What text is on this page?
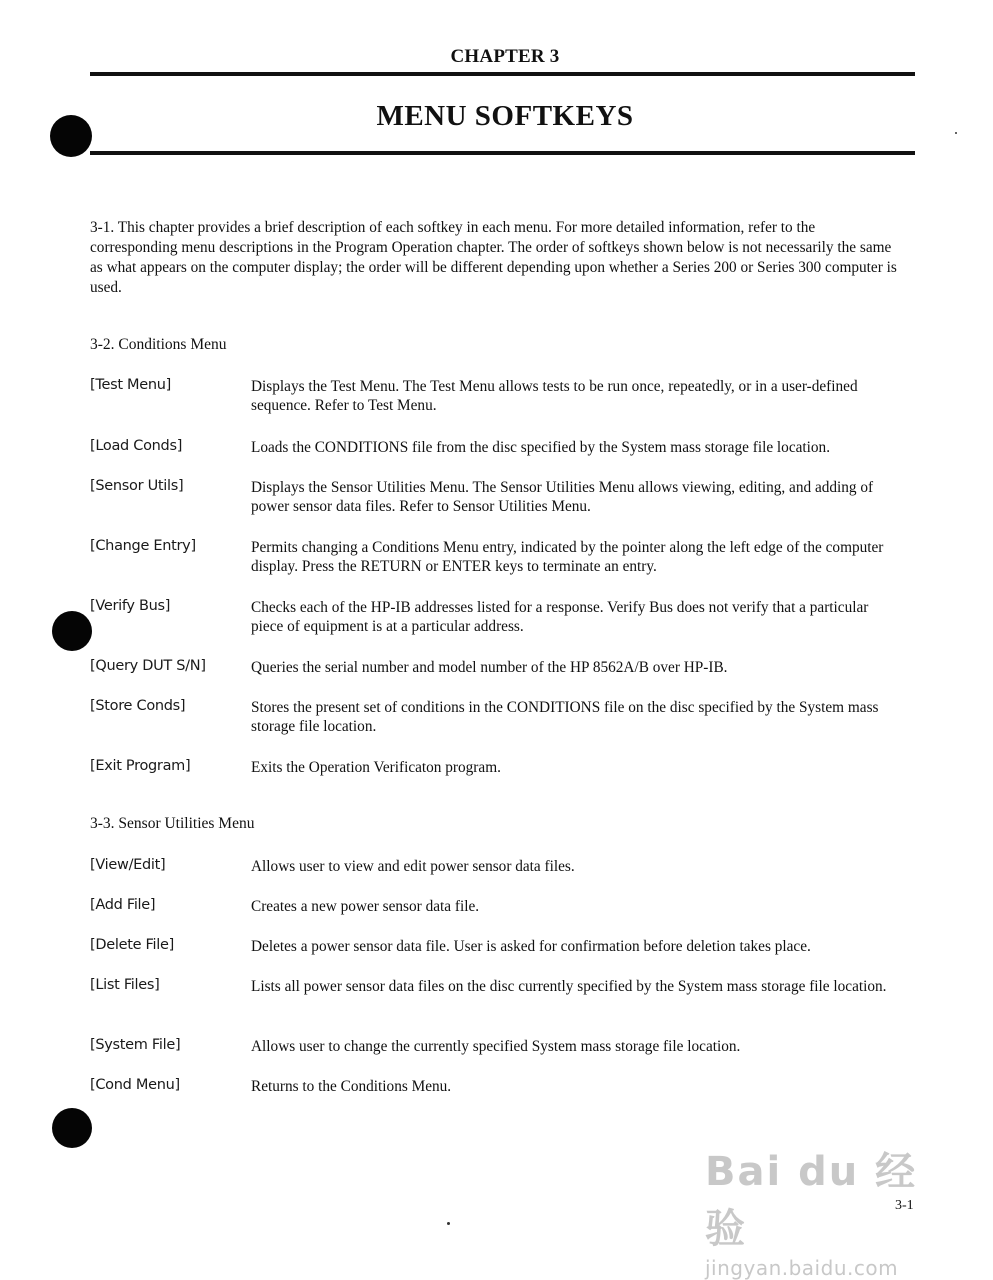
CHAPTER 3
MENU SOFTKEYS
3-1. This chapter provides a brief description of each softkey in each menu. For more detailed information, refer to the corresponding menu descriptions in the Program Operation chapter. The order of softkeys shown below is not necessarily the same as what appears on the computer display; the order will be different depending upon whether a Series 200 or Series 300 computer is used.
3-2. Conditions Menu
[Test Menu]	Displays the Test Menu. The Test Menu allows tests to be run once, repeatedly, or in a user-defined sequence. Refer to Test Menu.
[Load Conds]	Loads the CONDITIONS file from the disc specified by the System mass storage file location.
[Sensor Utils]	Displays the Sensor Utilities Menu. The Sensor Utilities Menu allows viewing, editing, and adding of power sensor data files. Refer to Sensor Utilities Menu.
[Change Entry]	Permits changing a Conditions Menu entry, indicated by the pointer along the left edge of the computer display. Press the RETURN or ENTER keys to terminate an entry.
[Verify Bus]	Checks each of the HP-IB addresses listed for a response. Verify Bus does not verify that a particular piece of equipment is at a particular address.
[Query DUT S/N]	Queries the serial number and model number of the HP 8562A/B over HP-IB.
[Store Conds]	Stores the present set of conditions in the CONDITIONS file on the disc specified by the System mass storage file location.
[Exit Program]	Exits the Operation Verificaton program.
3-3. Sensor Utilities Menu
[View/Edit]	Allows user to view and edit power sensor data files.
[Add File]	Creates a new power sensor data file.
[Delete File]	Deletes a power sensor data file. User is asked for confirmation before deletion takes place.
[List Files]	Lists all power sensor data files on the disc currently specified by the System mass storage file location.
[System File]	Allows user to change the currently specified System mass storage file location.
[Cond Menu]	Returns to the Conditions Menu.
Bai du 经验
jingyan.baidu.com
3-1
